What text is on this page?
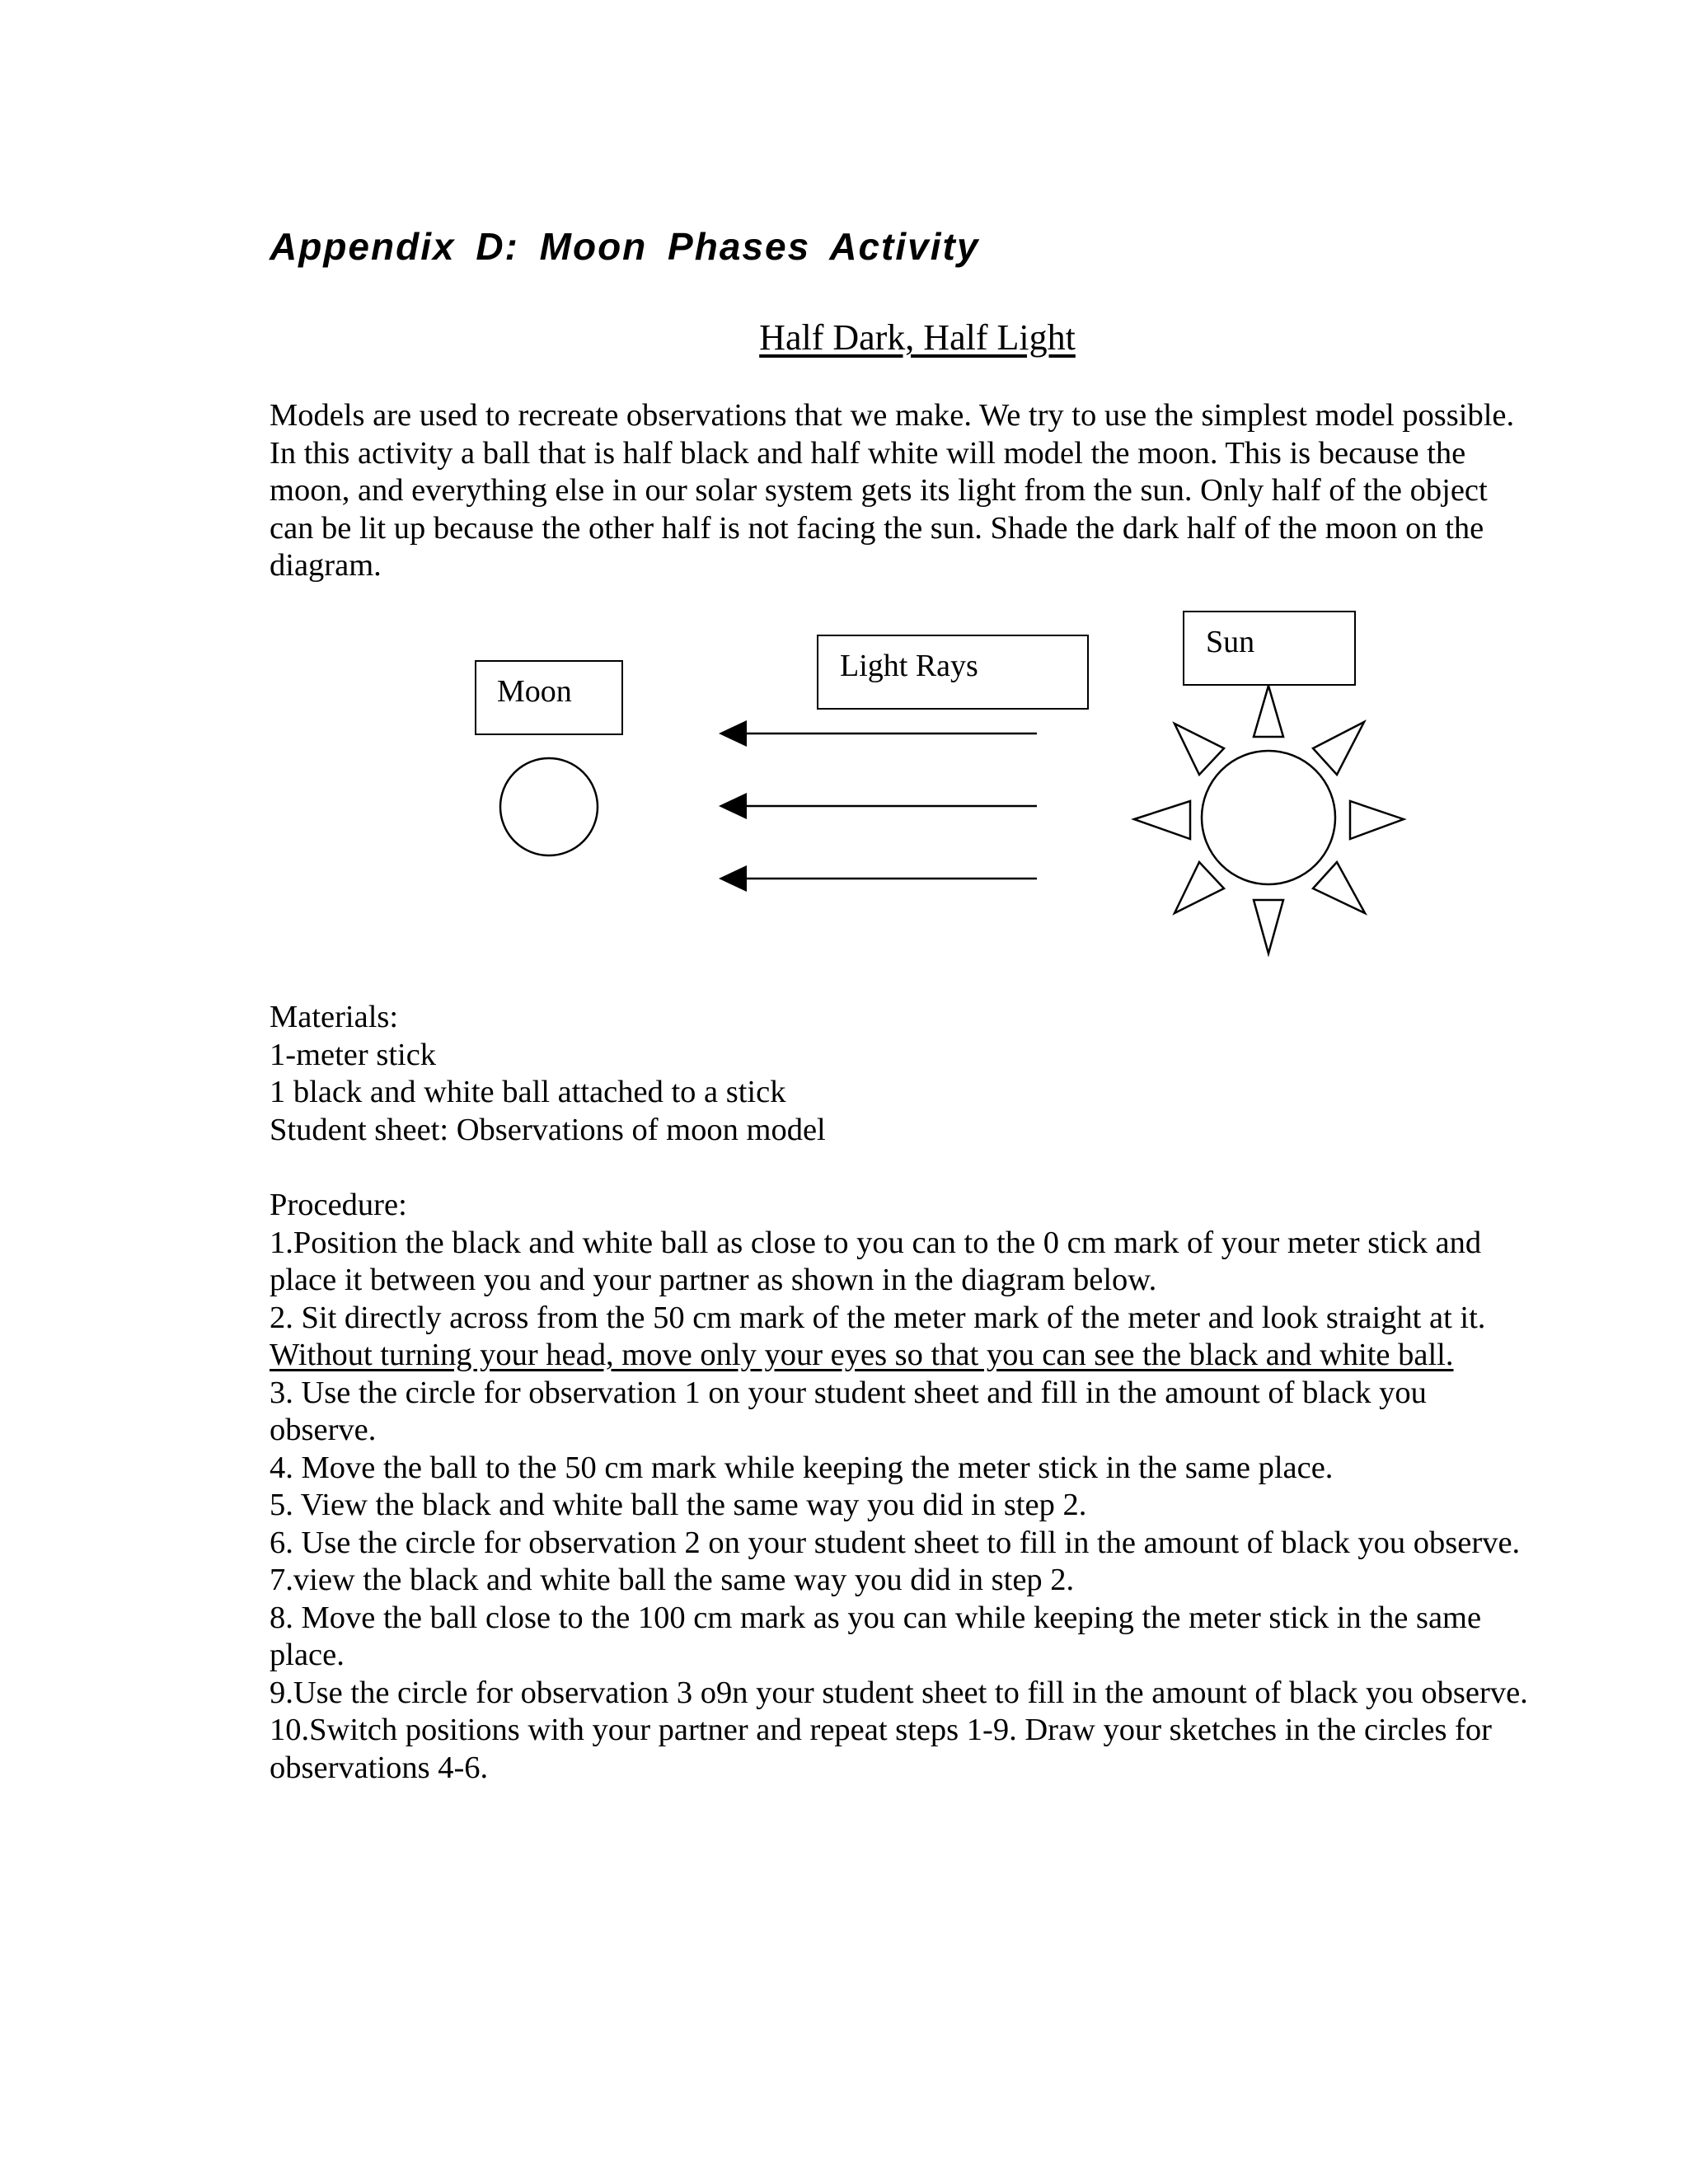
Appendix D: Moon Phases Activity
Half Dark, Half Light

Models are used to recreate observations that we make. We try to use the simplest model possible.

In this activity a ball that is half black and half white will model the moon. This is because the

moon, and everything else in our solar system gets its light from the sun. Only half of the object

can be lit up because the other half is not facing the sun. Shade the dark half of the moon on the

diagram.

Moon
Light Rays
Sun

Materials:

1-meter stick

1 black and white ball attached to a stick

Student sheet: Observations of moon model

Procedure:

1.Position the black and white ball as close to you can to the 0 cm mark of your meter stick and

place it between you and your partner as shown in the diagram below.

2. Sit directly across from the 50 cm mark of the meter mark of the meter and look straight at it.

Without turning your head, move only your eyes so that you can see the black and white ball.

3. Use the circle for observation 1 on your student sheet and fill in the amount of black you

observe.

4. Move the ball to the 50 cm mark while keeping the meter stick in the same place.

5. View the black and white ball the same way you did in step 2.

6. Use the circle for observation 2 on your student sheet to fill in the amount of black you observe.

7.view the black and white ball the same way you did in step 2.

8. Move the ball close to the 100 cm mark as you can while keeping the meter stick in the same

place.

9.Use the circle for observation 3 o9n your student sheet to fill in the amount of black you observe.

10.Switch positions with your partner and repeat steps 1-9. Draw your sketches in the circles for

observations 4-6.
